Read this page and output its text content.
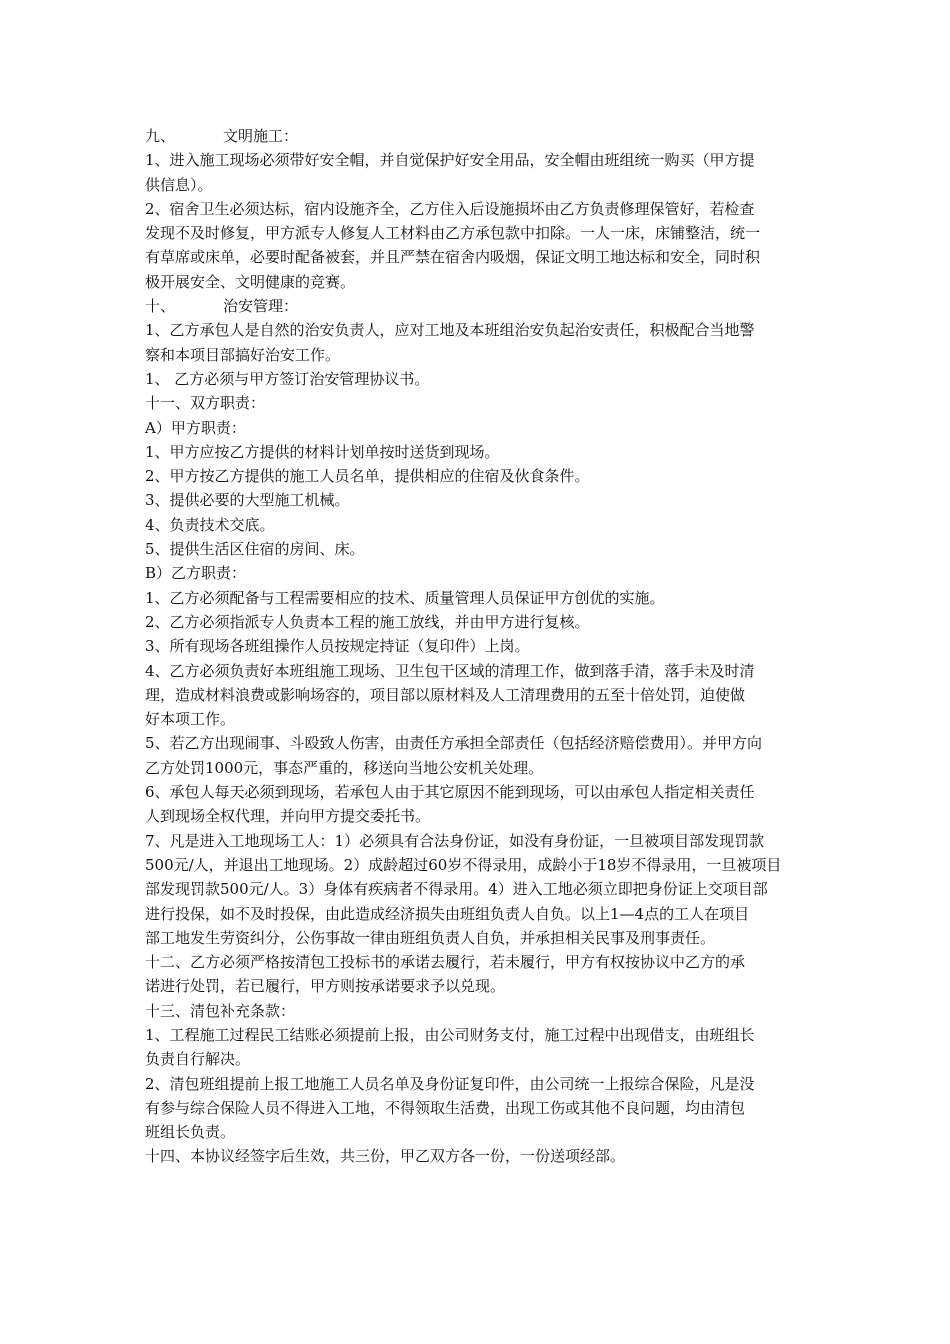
九、	文明施工：
1、进入施工现场必须带好安全帽，并自觉保护好安全用品，安全帽由班组统一购买（甲方提
供信息）。
2、宿舍卫生必须达标，宿内设施齐全，乙方住入后设施损坏由乙方负责修理保管好，若检查
发现不及时修复，甲方派专人修复人工材料由乙方承包款中扣除。一人一床，床铺整洁，统一
有草席或床单，必要时配备被套，并且严禁在宿舍内吸烟，保证文明工地达标和安全，同时积
极开展安全、文明健康的竞赛。
十、	治安管理：
1、乙方承包人是自然的治安负责人，应对工地及本班组治安负起治安责任，积极配合当地警
察和本项目部搞好治安工作。
1、 乙方必须与甲方签订治安管理协议书。
十一、双方职责：
A）甲方职责：
1、甲方应按乙方提供的材料计划单按时送货到现场。
2、甲方按乙方提供的施工人员名单，提供相应的住宿及伙食条件。
3、提供必要的大型施工机械。
4、负责技术交底。
5、提供生活区住宿的房间、床。
B）乙方职责：
1、乙方必须配备与工程需要相应的技术、质量管理人员保证甲方创优的实施。
2、乙方必须指派专人负责本工程的施工放线，并由甲方进行复核。
3、所有现场各班组操作人员按规定持证（复印件）上岗。
4、乙方必须负责好本班组施工现场、卫生包干区域的清理工作，做到落手清，落手未及时清
理，造成材料浪费或影响场容的，项目部以原材料及人工清理费用的五至十倍处罚，迫使做
好本项工作。
5、若乙方出现闹事、斗殴致人伤害，由责任方承担全部责任（包括经济赔偿费用）。并甲方向
乙方处罚1000元，事态严重的，移送向当地公安机关处理。
6、承包人每天必须到现场，若承包人由于其它原因不能到现场，可以由承包人指定相关责任
人到现场全权代理，并向甲方提交委托书。
7、凡是进入工地现场工人：1）必须具有合法身份证，如没有身份证，一旦被项目部发现罚款
500元/人，并退出工地现场。2）成龄超过60岁不得录用，成龄小于18岁不得录用，一旦被项目
部发现罚款500元/人。3）身体有疾病者不得录用。4）进入工地必须立即把身份证上交项目部
进行投保，如不及时投保，由此造成经济损失由班组负责人自负。以上1—4点的工人在项目
部工地发生劳资纠分，公伤事故一律由班组负责人自负，并承担相关民事及刑事责任。
十二、乙方必须严格按清包工投标书的承诺去履行，若未履行，甲方有权按协议中乙方的承
诺进行处罚，若已履行，甲方则按承诺要求予以兑现。
十三、清包补充条款：
1、工程施工过程民工结账必须提前上报，由公司财务支付，施工过程中出现借支，由班组长
负责自行解决。
2、清包班组提前上报工地施工人员名单及身份证复印件，由公司统一上报综合保险，凡是没
有参与综合保险人员不得进入工地，不得领取生活费，出现工伤或其他不良问题，均由清包
班组长负责。
十四、本协议经签字后生效，共三份，甲乙双方各一份，一份送项经部。
